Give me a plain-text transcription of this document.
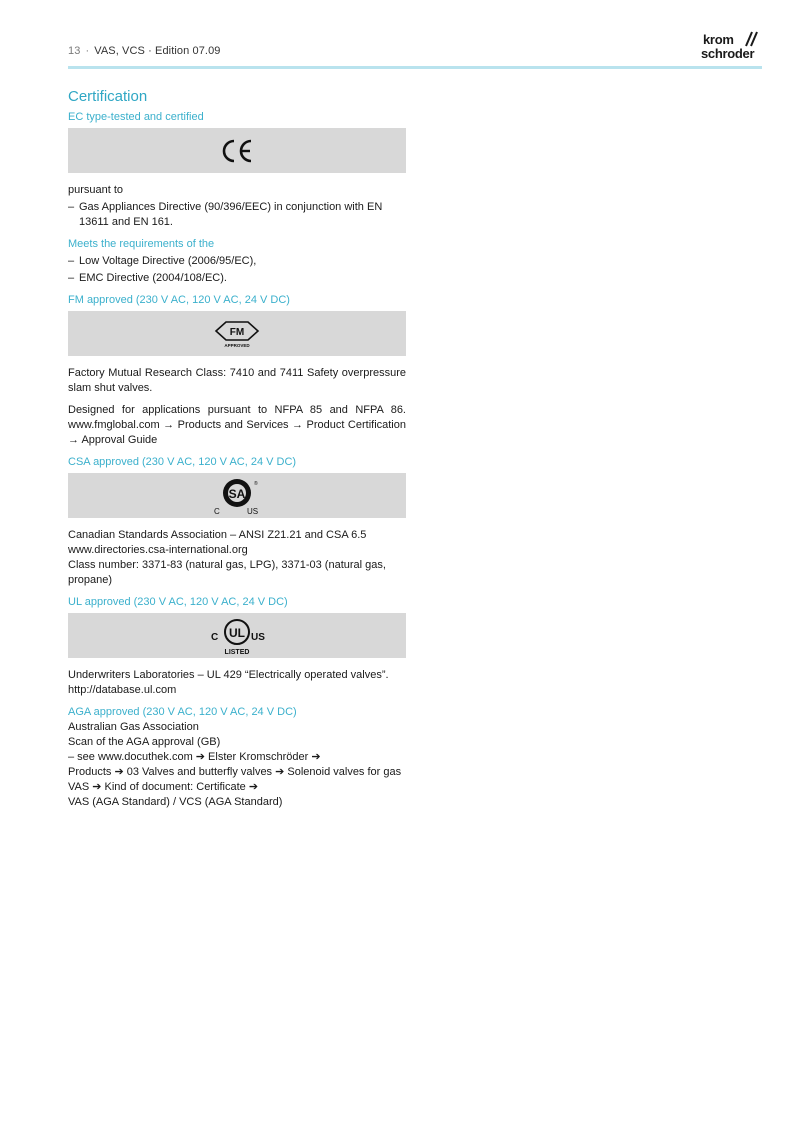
13 · VAS, VCS · Edition 07.09
krom
schroder
Certification

EC type-tested and certified

pursuant to

– Gas Appliances Directive (90/396/EEC) in conjunction with EN 13611 and EN 161.

Meets the requirements of the

– Low Voltage Directive (2006/95/EC),
– EMC Directive (2004/108/EC).

FM approved (230 V AC, 120 V AC, 24 V DC)

FM
APPROVED

Factory Mutual Research Class: 7410 and 7411 Safety overpressure slam shut valves.

Designed for applications pursuant to NFPA 85 and NFPA 86. www.fmglobal.com → Products and Services → Product Certification → Approval Guide

CSA approved (230 V AC, 120 V AC, 24 V DC)

SA
®
C	US

Canadian Standards Association – ANSI Z21.21 and CSA 6.5

www.directories.csa-international.org

Class number: 3371-83 (natural gas, LPG), 3371-03 (natural gas, propane)

UL approved (230 V AC, 120 V AC, 24 V DC)

UL
C	US
LISTED

Underwriters Laboratories – UL 429 “Electrically operated valves”.

http://database.ul.com

AGA approved (230 V AC, 120 V AC, 24 V DC)

Australian Gas Association

Scan of the AGA approval (GB)

– see www.docuthek.com ➔ Elster Kromschröder ➔

Products ➔ 03 Valves and butterfly valves ➔ Solenoid valves for gas VAS ➔ Kind of document: Certificate ➔

VAS (AGA Standard) / VCS (AGA Standard)
